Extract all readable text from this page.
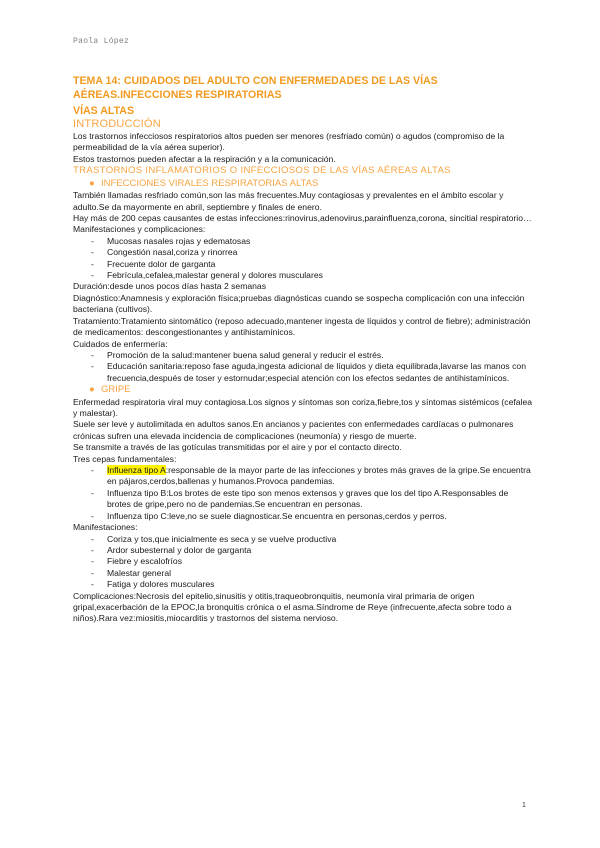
Paola López

TEMA 14: CUIDADOS DEL ADULTO CON ENFERMEDADES DE LAS VÍAS

AÉREAS.INFECCIONES RESPIRATORIAS

VÍAS ALTAS

INTRODUCCIÓN

Los trastornos infecciosos respiratorios altos pueden ser menores (resfriado común) o agudos (compromiso de la permeabilidad de la vía aérea superior).

Estos trastornos pueden afectar a la respiración y a la comunicación.

TRASTORNOS INFLAMATORIOS O INFECCIOSOS DE LAS VÍAS AÉREAS ALTAS

● INFECCIONES VIRALES RESPIRATORIAS ALTAS

También llamadas resfriado común,son las más frecuentes.Muy contagiosas y prevalentes en el ámbito escolar y adulto.Se da mayormente en abril, septiembre y finales de enero.

Hay más de 200 cepas causantes de estas infecciones:rinovirus,adenovirus,parainfluenza,corona, sincitial respiratorio…

Manifestaciones y complicaciones:

- Mucosas nasales rojas y edematosas
- Congestión nasal,coriza y rinorrea
- Frecuente dolor de garganta
- Febrícula,cefalea,malestar general y dolores musculares

Duración:desde unos pocos días hasta 2 semanas

Diagnóstico:Anamnesis y exploración física;pruebas diagnósticas cuando se sospecha complicación con una infección bacteriana (cultivos).

Tratamiento:Tratamiento sintomático (reposo adecuado,mantener ingesta de líquidos y control de fiebre); administración de medicamentos: descongestionantes y antihistamínicos.

Cuidados de enfermería:

- Promoción de la salud:mantener buena salud general y reducir el estrés.
- Educación sanitaria:reposo fase aguda,ingesta adicional de líquidos y dieta equilibrada,lavarse las manos con frecuencia,después de toser y estornudar;especial atención con los efectos sedantes de antihistamínicos.

● GRIPE

Enfermedad respiratoria viral muy contagiosa.Los signos y síntomas son coriza,fiebre,tos y síntomas sistémicos (cefalea y malestar).

Suele ser leve y autolimitada en adultos sanos.En ancianos y pacientes con enfermedades cardíacas o pulmonares crónicas sufren una elevada incidencia de complicaciones (neumonía) y riesgo de muerte.

Se transmite a través de las gotículas transmitidas por el aire y por el contacto directo.

Tres cepas fundamentales:

- Influenza tipo A:responsable de la mayor parte de las infecciones y brotes más graves de la gripe.Se encuentra en pájaros,cerdos,ballenas y humanos.Provoca pandemias.
- Influenza tipo B:Los brotes de este tipo son menos extensos y graves que los del tipo A.Responsables de brotes de gripe,pero no de pandemias.Se encuentran en personas.
- Influenza tipo C:leve,no se suele diagnosticar.Se encuentra en personas,cerdos y perros.

Manifestaciones:

- Coriza y tos,que inicialmente es seca y se vuelve productiva
- Ardor subesternal y dolor de garganta
- Fiebre y escalofríos
- Malestar general
- Fatiga y dolores musculares

Complicaciones:Necrosis del epitelio,sinusitis y otitis,traqueobronquitis, neumonía viral primaria de origen gripal,exacerbación de la EPOC,la bronquitis crónica o el asma.Síndrome de Reye (infrecuente,afecta sobre todo a niños).Rara vez:miositis,miocarditis y trastornos del sistema nervioso.

1
